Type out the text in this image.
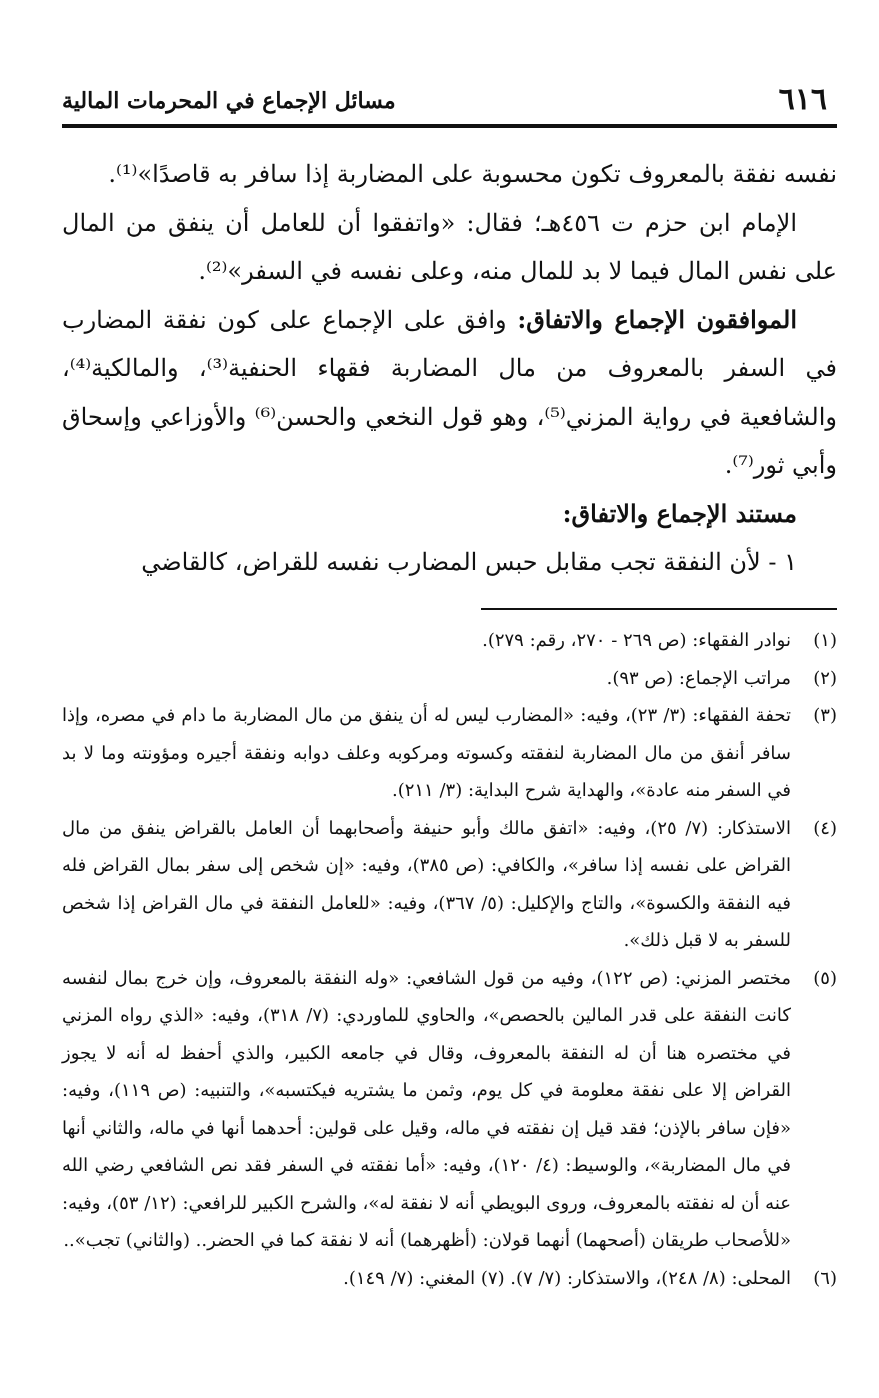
٦١٦
مسائل الإجماع في المحرمات المالية

نفسه نفقة بالمعروف تكون محسوبة على المضاربة إذا سافر به قاصدًا»⁽¹⁾.

الإمام ابن حزم ت ٤٥٦هـ؛ فقال: «واتفقوا أن للعامل أن ينفق من المال على نفس المال فيما لا بد للمال منه، وعلى نفسه في السفر»⁽²⁾.

الموافقون الإجماع والاتفاق: وافق على الإجماع على كون نفقة المضارب في السفر بالمعروف من مال المضاربة فقهاء الحنفية⁽³⁾، والمالكية⁽⁴⁾، والشافعية في رواية المزني⁽⁵⁾، وهو قول النخعي والحسن⁽⁶⁾ والأوزاعي وإسحاق وأبي ثور⁽⁷⁾.

مستند الإجماع والاتفاق:

١ - لأن النفقة تجب مقابل حبس المضارب نفسه للقراض، كالقاضي

(١)
نوادر الفقهاء: (ص ٢٦٩ - ٢٧٠، رقم: ٢٧٩).
(٢)
مراتب الإجماع: (ص ٩٣).
(٣)
تحفة الفقهاء: (٣/ ٢٣)، وفيه: «المضارب ليس له أن ينفق من مال المضاربة ما دام في مصره، وإذا سافر أنفق من مال المضاربة لنفقته وكسوته ومركوبه وعلف دوابه ونفقة أجيره ومؤونته وما لا بد في السفر منه عادة»، والهداية شرح البداية: (٣/ ٢١١).
(٤)
الاستذكار: (٧/ ٢٥)، وفيه: «اتفق مالك وأبو حنيفة وأصحابهما أن العامل بالقراض ينفق من مال القراض على نفسه إذا سافر»، والكافي: (ص ٣٨٥)، وفيه: «إن شخص إلى سفر بمال القراض فله فيه النفقة والكسوة»، والتاج والإكليل: (٥/ ٣٦٧)، وفيه: «للعامل النفقة في مال القراض إذا شخص للسفر به لا قبل ذلك».
(٥)
مختصر المزني: (ص ١٢٢)، وفيه من قول الشافعي: «وله النفقة بالمعروف، وإن خرج بمال لنفسه كانت النفقة على قدر المالين بالحصص»، والحاوي للماوردي: (٧/ ٣١٨)، وفيه: «الذي رواه المزني في مختصره هنا أن له النفقة بالمعروف، وقال في جامعه الكبير، والذي أحفظ له أنه لا يجوز القراض إلا على نفقة معلومة في كل يوم، وثمن ما يشتريه فيكتسبه»، والتنبيه: (ص ١١٩)، وفيه: «فإن سافر بالإذن؛ فقد قيل إن نفقته في ماله، وقيل على قولين: أحدهما أنها في ماله، والثاني أنها في مال المضاربة»، والوسيط: (٤/ ١٢٠)، وفيه: «أما نفقته في السفر فقد نص الشافعي رضي الله عنه أن له نفقته بالمعروف، وروى البويطي أنه لا نفقة له»، والشرح الكبير للرافعي: (١٢/ ٥٣)، وفيه: «للأصحاب طريقان (أصحهما) أنهما قولان: (أظهرهما) أنه لا نفقة كما في الحضر.. (والثاني) تجب»..
(٦)
المحلى: (٨/ ٢٤٨)، والاستذكار: (٧/ ٧). (٧) المغني: (٧/ ١٤٩).
